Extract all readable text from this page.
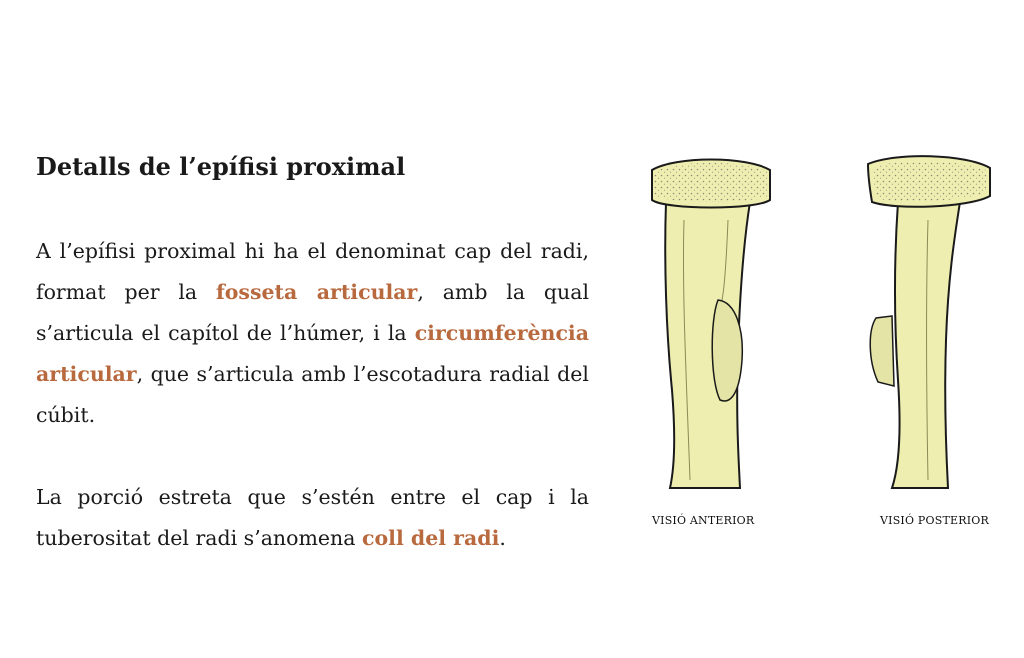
Detalls de l’epífisi proximal

A l’epífisi proximal hi ha el denominat cap del radi, format per la fosseta articular, amb la qual s’articula el capítol de l’húmer, i la circumferència articular, que s’articula amb l’escotadura radial del cúbit.

La porció estreta que s’estén entre el cap i la tuberositat del radi s’anomena coll del radi.

VISIÓ ANTERIOR	VISIÓ POSTERIOR
